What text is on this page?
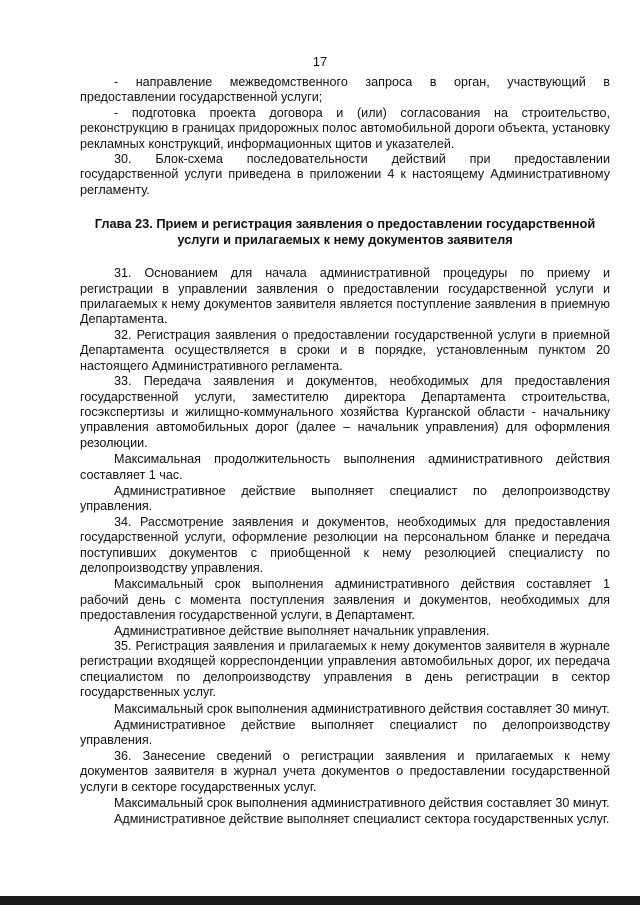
17

- направление межведомственного запроса в орган, участвующий в предоставлении государственной услуги;

- подготовка проекта договора и (или) согласования на строительство, реконструкцию в границах придорожных полос автомобильной дороги объекта, установку рекламных конструкций, информационных щитов и указателей.

30. Блок-схема последовательности действий при предоставлении государственной услуги приведена в приложении 4 к настоящему Административному регламенту.

Глава 23. Прием и регистрация заявления о предоставлении государственной услуги и прилагаемых к нему документов заявителя

31. Основанием для начала административной процедуры по приему и регистрации в управлении заявления о предоставлении государственной услуги и прилагаемых к нему документов заявителя является поступление заявления в приемную Департамента.

32. Регистрация заявления о предоставлении государственной услуги в приемной Департамента осуществляется в сроки и в порядке, установленным пунктом 20 настоящего Административного регламента.

33. Передача заявления и документов, необходимых для предоставления государственной услуги, заместителю директора Департамента строительства, госэкспертизы и жилищно-коммунального хозяйства Курганской области - начальнику управления автомобильных дорог (далее – начальник управления) для оформления резолюции.

Максимальная продолжительность выполнения административного действия составляет 1 час.

Административное действие выполняет специалист по делопроизводству управления.

34. Рассмотрение заявления и документов, необходимых для предоставления государственной услуги, оформление резолюции на персональном бланке и передача поступивших документов с приобщенной к нему резолюцией специалисту по делопроизводству управления.

Максимальный срок выполнения административного действия составляет 1 рабочий день с момента поступления заявления и документов, необходимых для предоставления государственной услуги, в Департамент.

Административное действие выполняет начальник управления.

35. Регистрация заявления и прилагаемых к нему документов заявителя в журнале регистрации входящей корреспонденции управления автомобильных дорог, их передача специалистом по делопроизводству управления в день регистрации в сектор государственных услуг.

Максимальный срок выполнения административного действия составляет 30 минут.

Административное действие выполняет специалист по делопроизводству управления.

36. Занесение сведений о регистрации заявления и прилагаемых к нему документов заявителя в журнал учета документов о предоставлении государственной услуги в секторе государственных услуг.

Максимальный срок выполнения административного действия составляет 30 минут.

Административное действие выполняет специалист сектора государственных услуг.
